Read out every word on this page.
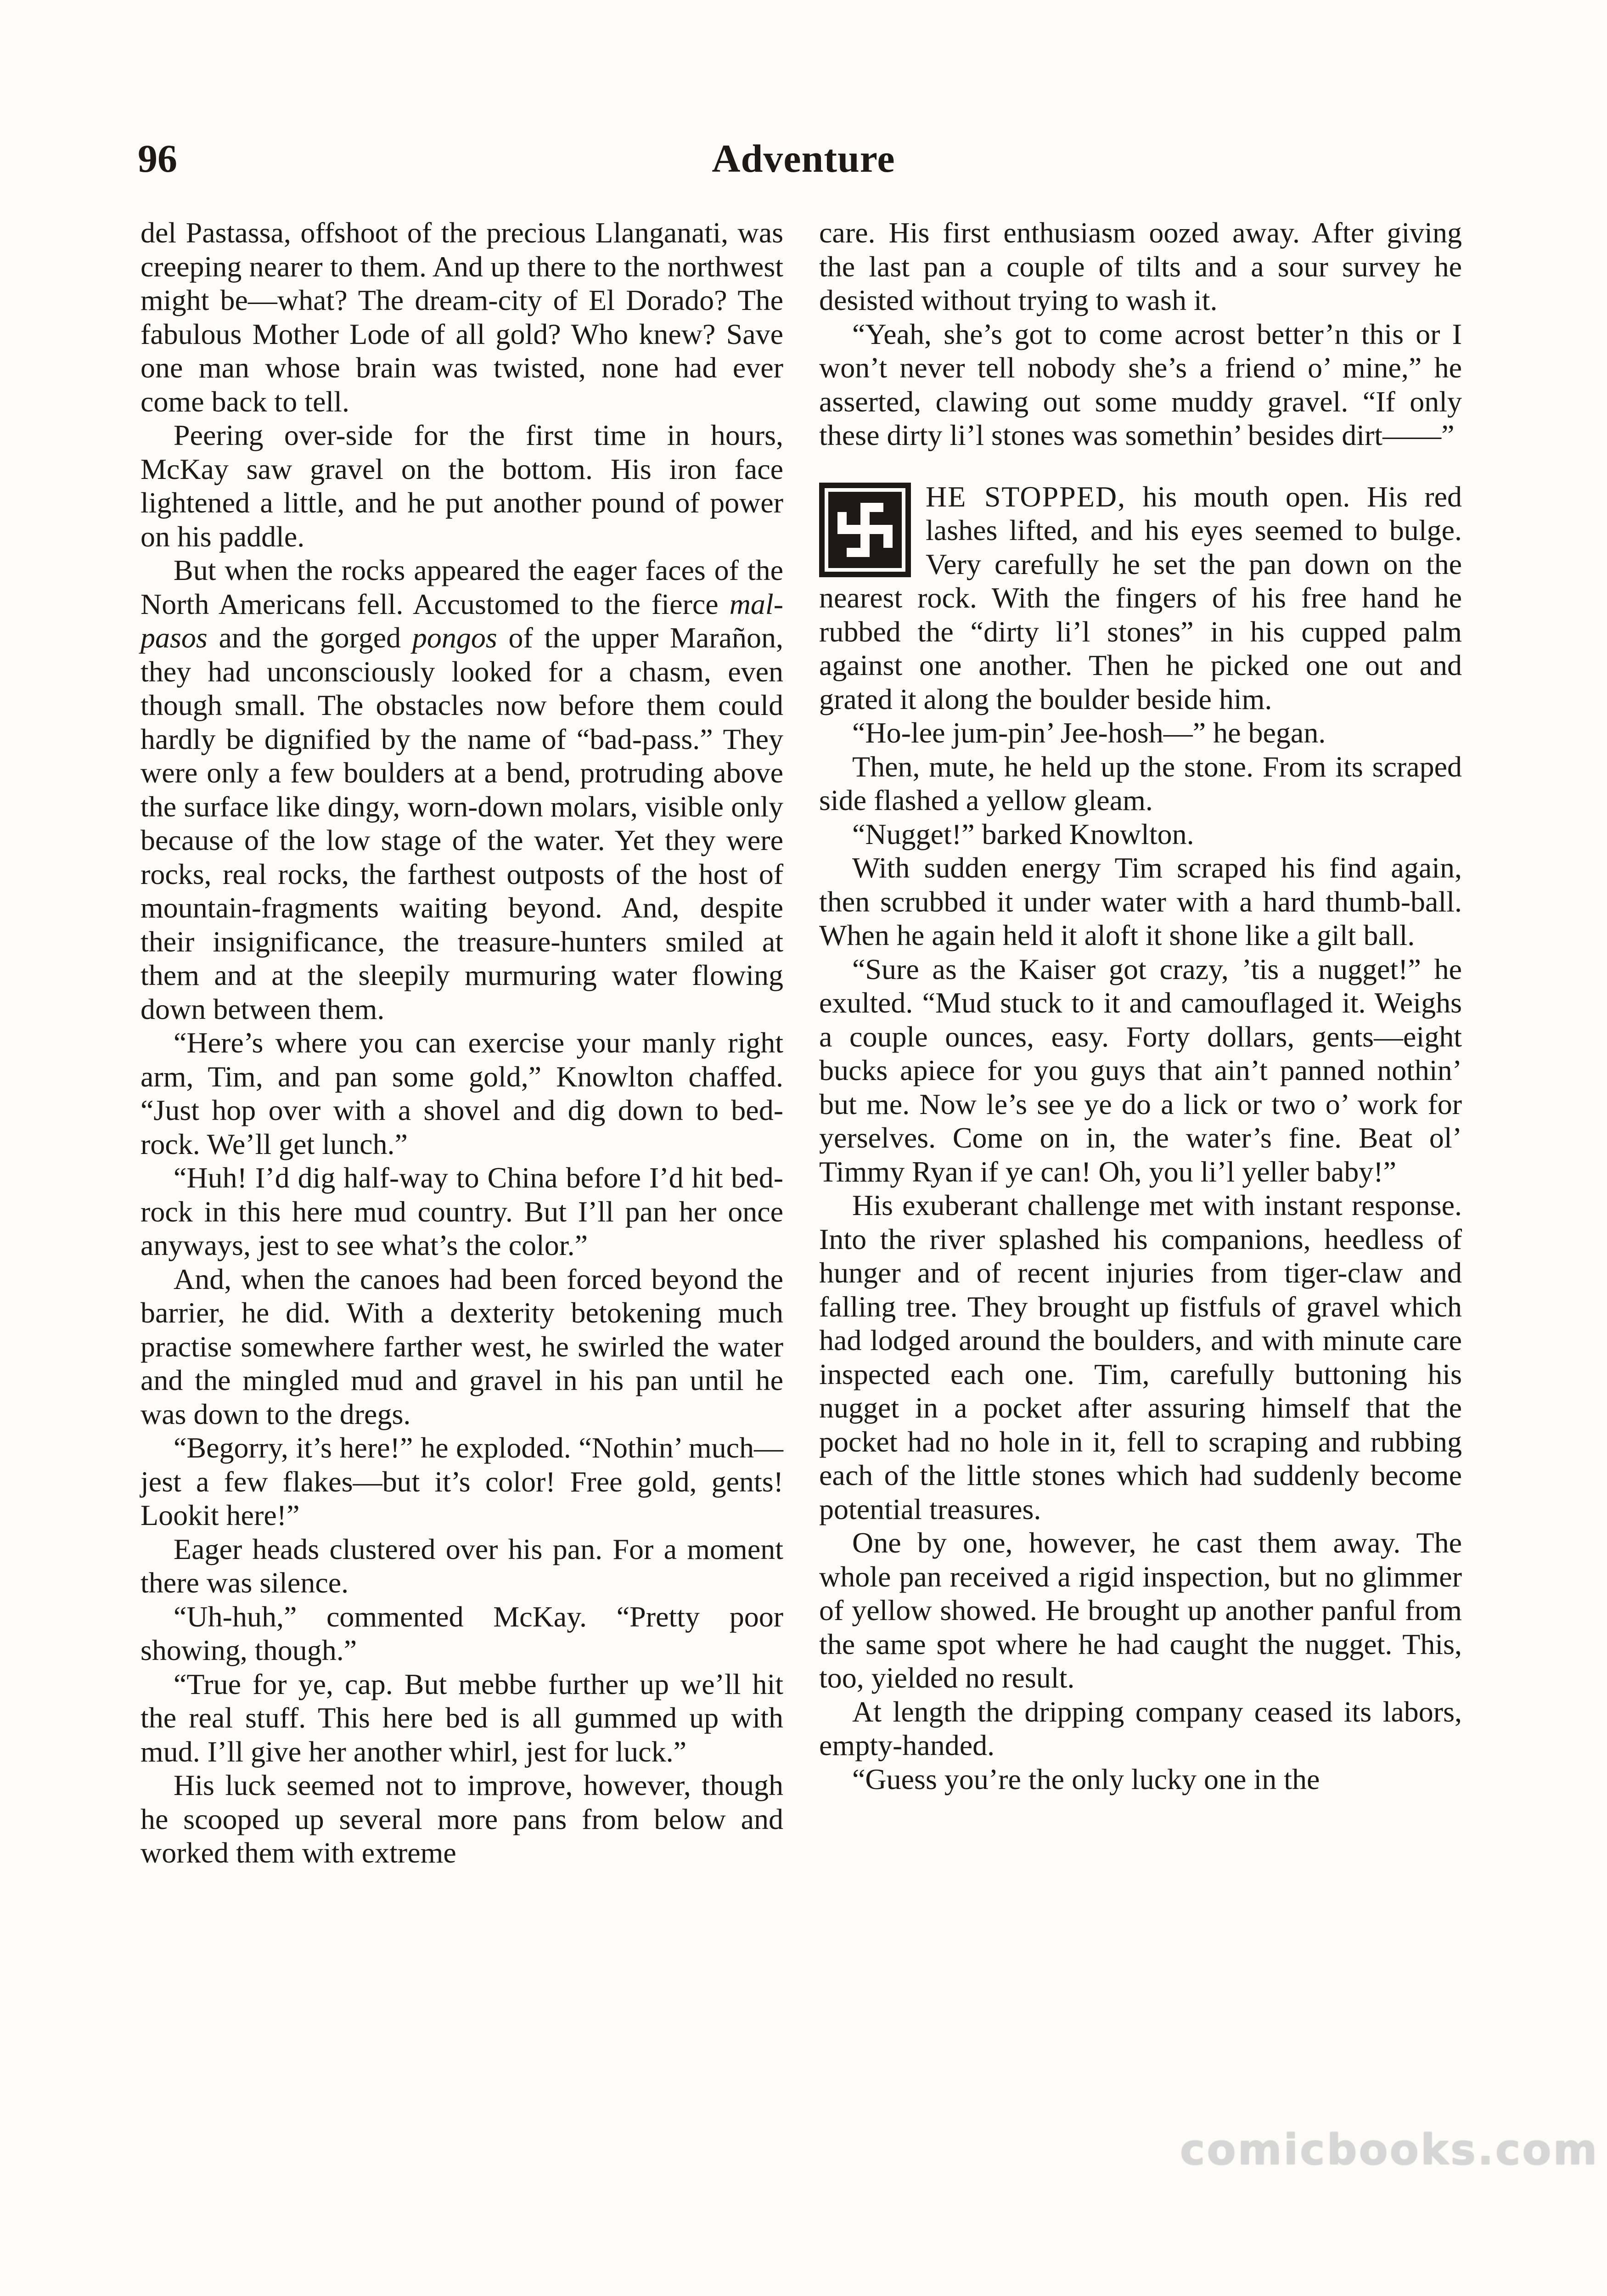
96	Adventure

del Pastassa, offshoot of the precious Llanganati, was creeping nearer to them. And up there to the northwest might be—what? The dream-city of El Dorado? The fabulous Mother Lode of all gold? Who knew? Save one man whose brain was twisted, none had ever come back to tell.

Peering over-side for the first time in hours, McKay saw gravel on the bottom. His iron face lightened a little, and he put another pound of power on his paddle.

But when the rocks appeared the eager faces of the North Americans fell. Accustomed to the fierce mal-pasos and the gorged pongos of the upper Marañon, they had unconsciously looked for a chasm, even though small. The obstacles now before them could hardly be dignified by the name of “bad-pass.” They were only a few boulders at a bend, protruding above the surface like dingy, worn-down molars, visible only because of the low stage of the water. Yet they were rocks, real rocks, the farthest outposts of the host of mountain-fragments waiting beyond. And, despite their insignificance, the treasure-hunters smiled at them and at the sleepily murmuring water flowing down between them.

“Here’s where you can exercise your manly right arm, Tim, and pan some gold,” Knowlton chaffed. “Just hop over with a shovel and dig down to bed-rock. We’ll get lunch.”

“Huh! I’d dig half-way to China before I’d hit bed-rock in this here mud country. But I’ll pan her once anyways, jest to see what’s the color.”

And, when the canoes had been forced beyond the barrier, he did. With a dexterity betokening much practise somewhere farther west, he swirled the water and the mingled mud and gravel in his pan until he was down to the dregs.

“Begorry, it’s here!” he exploded. “Nothin’ much—jest a few flakes—but it’s color! Free gold, gents! Lookit here!”

Eager heads clustered over his pan. For a moment there was silence.

“Uh-huh,” commented McKay. “Pretty poor showing, though.”

“True for ye, cap. But mebbe further up we’ll hit the real stuff. This here bed is all gummed up with mud. I’ll give her another whirl, jest for luck.”

His luck seemed not to improve, however, though he scooped up several more pans from below and worked them with extreme

care. His first enthusiasm oozed away. After giving the last pan a couple of tilts and a sour survey he desisted without trying to wash it.

“Yeah, she’s got to come acrost better’n this or I won’t never tell nobody she’s a friend o’ mine,” he asserted, clawing out some muddy gravel. “If only these dirty li’l stones was somethin’ besides dirt——”

HE STOPPED, his mouth open. His red lashes lifted, and his eyes seemed to bulge. Very carefully he set the pan down on the nearest rock. With the fingers of his free hand he rubbed the “dirty li’l stones” in his cupped palm against one another. Then he picked one out and grated it along the boulder beside him.

“Ho-lee jum-pin’ Jee-hosh—” he began.

Then, mute, he held up the stone. From its scraped side flashed a yellow gleam.

“Nugget!” barked Knowlton.

With sudden energy Tim scraped his find again, then scrubbed it under water with a hard thumb-ball. When he again held it aloft it shone like a gilt ball.

“Sure as the Kaiser got crazy, ’tis a nugget!” he exulted. “Mud stuck to it and camouflaged it. Weighs a couple ounces, easy. Forty dollars, gents—eight bucks apiece for you guys that ain’t panned nothin’ but me. Now le’s see ye do a lick or two o’ work for yerselves. Come on in, the water’s fine. Beat ol’ Timmy Ryan if ye can! Oh, you li’l yeller baby!”

His exuberant challenge met with instant response. Into the river splashed his companions, heedless of hunger and of recent injuries from tiger-claw and falling tree. They brought up fistfuls of gravel which had lodged around the boulders, and with minute care inspected each one. Tim, carefully buttoning his nugget in a pocket after assuring himself that the pocket had no hole in it, fell to scraping and rubbing each of the little stones which had suddenly become potential treasures.

One by one, however, he cast them away. The whole pan received a rigid inspection, but no glimmer of yellow showed. He brought up another panful from the same spot where he had caught the nugget. This, too, yielded no result.

At length the dripping company ceased its labors, empty-handed.

“Guess you’re the only lucky one in the

comicbooks.com
